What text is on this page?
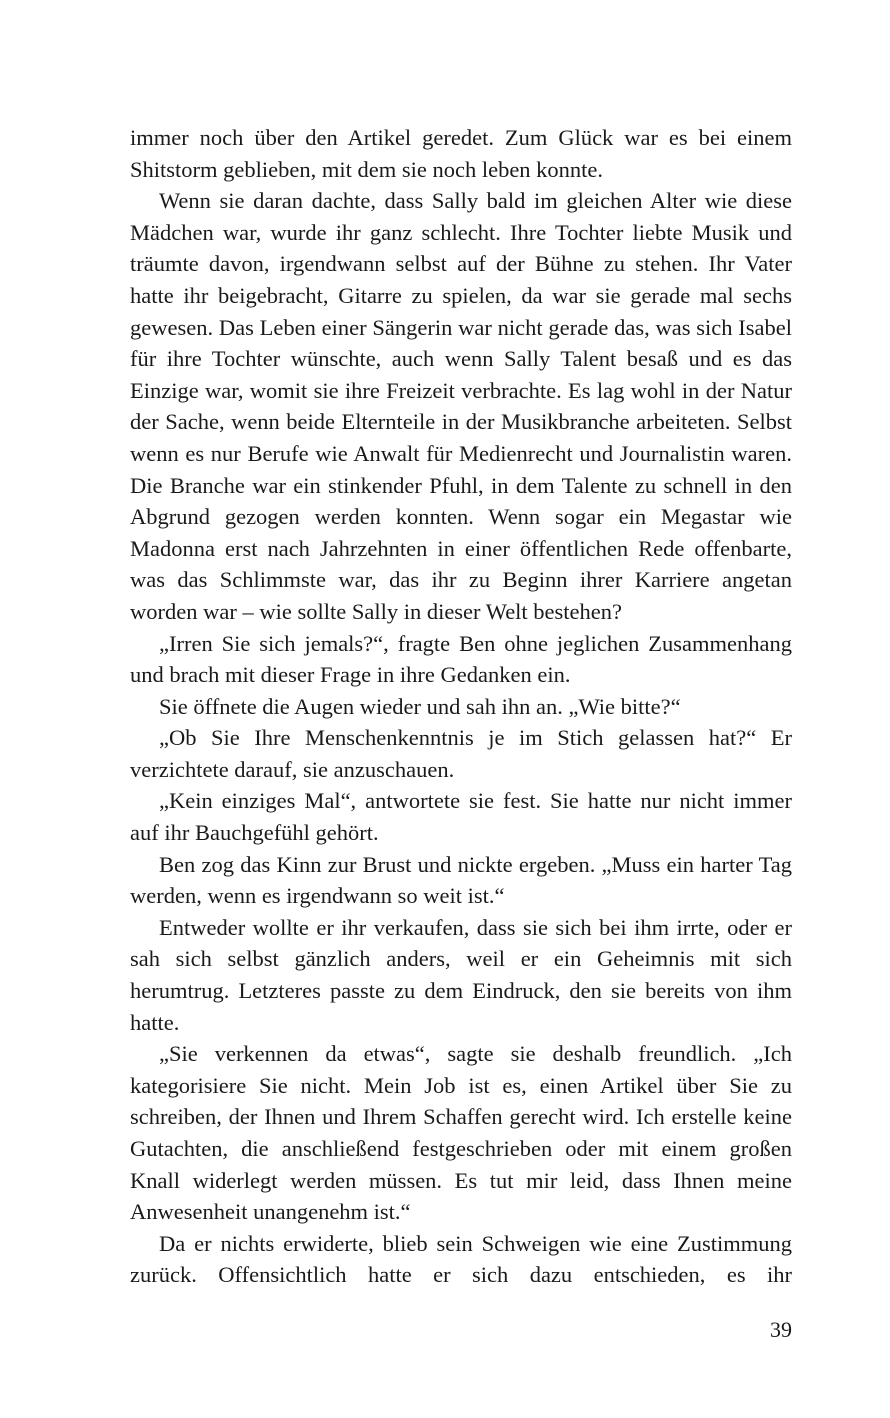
immer noch über den Artikel geredet. Zum Glück war es bei einem Shitstorm geblieben, mit dem sie noch leben konnte.

Wenn sie daran dachte, dass Sally bald im gleichen Alter wie diese Mädchen war, wurde ihr ganz schlecht. Ihre Tochter liebte Musik und träumte davon, irgendwann selbst auf der Bühne zu stehen. Ihr Vater hatte ihr beigebracht, Gitarre zu spielen, da war sie gerade mal sechs gewesen. Das Leben einer Sängerin war nicht gerade das, was sich Isabel für ihre Tochter wünschte, auch wenn Sally Talent besaß und es das Einzige war, womit sie ihre Freizeit verbrachte. Es lag wohl in der Natur der Sache, wenn beide Elternteile in der Musikbranche arbeiteten. Selbst wenn es nur Berufe wie Anwalt für Medienrecht und Journalistin waren. Die Branche war ein stinkender Pfuhl, in dem Talente zu schnell in den Abgrund gezogen werden konnten. Wenn sogar ein Megastar wie Madonna erst nach Jahrzehnten in einer öffentlichen Rede offenbarte, was das Schlimmste war, das ihr zu Beginn ihrer Karriere angetan worden war – wie sollte Sally in dieser Welt bestehen?

„Irren Sie sich jemals?“, fragte Ben ohne jeglichen Zusammenhang und brach mit dieser Frage in ihre Gedanken ein.

Sie öffnete die Augen wieder und sah ihn an. „Wie bitte?“

„Ob Sie Ihre Menschenkenntnis je im Stich gelassen hat?“ Er verzichtete darauf, sie anzuschauen.

„Kein einziges Mal“, antwortete sie fest. Sie hatte nur nicht immer auf ihr Bauchgefühl gehört.

Ben zog das Kinn zur Brust und nickte ergeben. „Muss ein harter Tag werden, wenn es irgendwann so weit ist.“

Entweder wollte er ihr verkaufen, dass sie sich bei ihm irrte, oder er sah sich selbst gänzlich anders, weil er ein Geheimnis mit sich herumtrug. Letzteres passte zu dem Eindruck, den sie bereits von ihm hatte.

„Sie verkennen da etwas“, sagte sie deshalb freundlich. „Ich kategorisiere Sie nicht. Mein Job ist es, einen Artikel über Sie zu schreiben, der Ihnen und Ihrem Schaffen gerecht wird. Ich erstelle keine Gutachten, die anschließend festgeschrieben oder mit einem großen Knall widerlegt werden müssen. Es tut mir leid, dass Ihnen meine Anwesenheit unangenehm ist.“

Da er nichts erwiderte, blieb sein Schweigen wie eine Zustimmung zurück. Offensichtlich hatte er sich dazu entschieden, es ihr

39
